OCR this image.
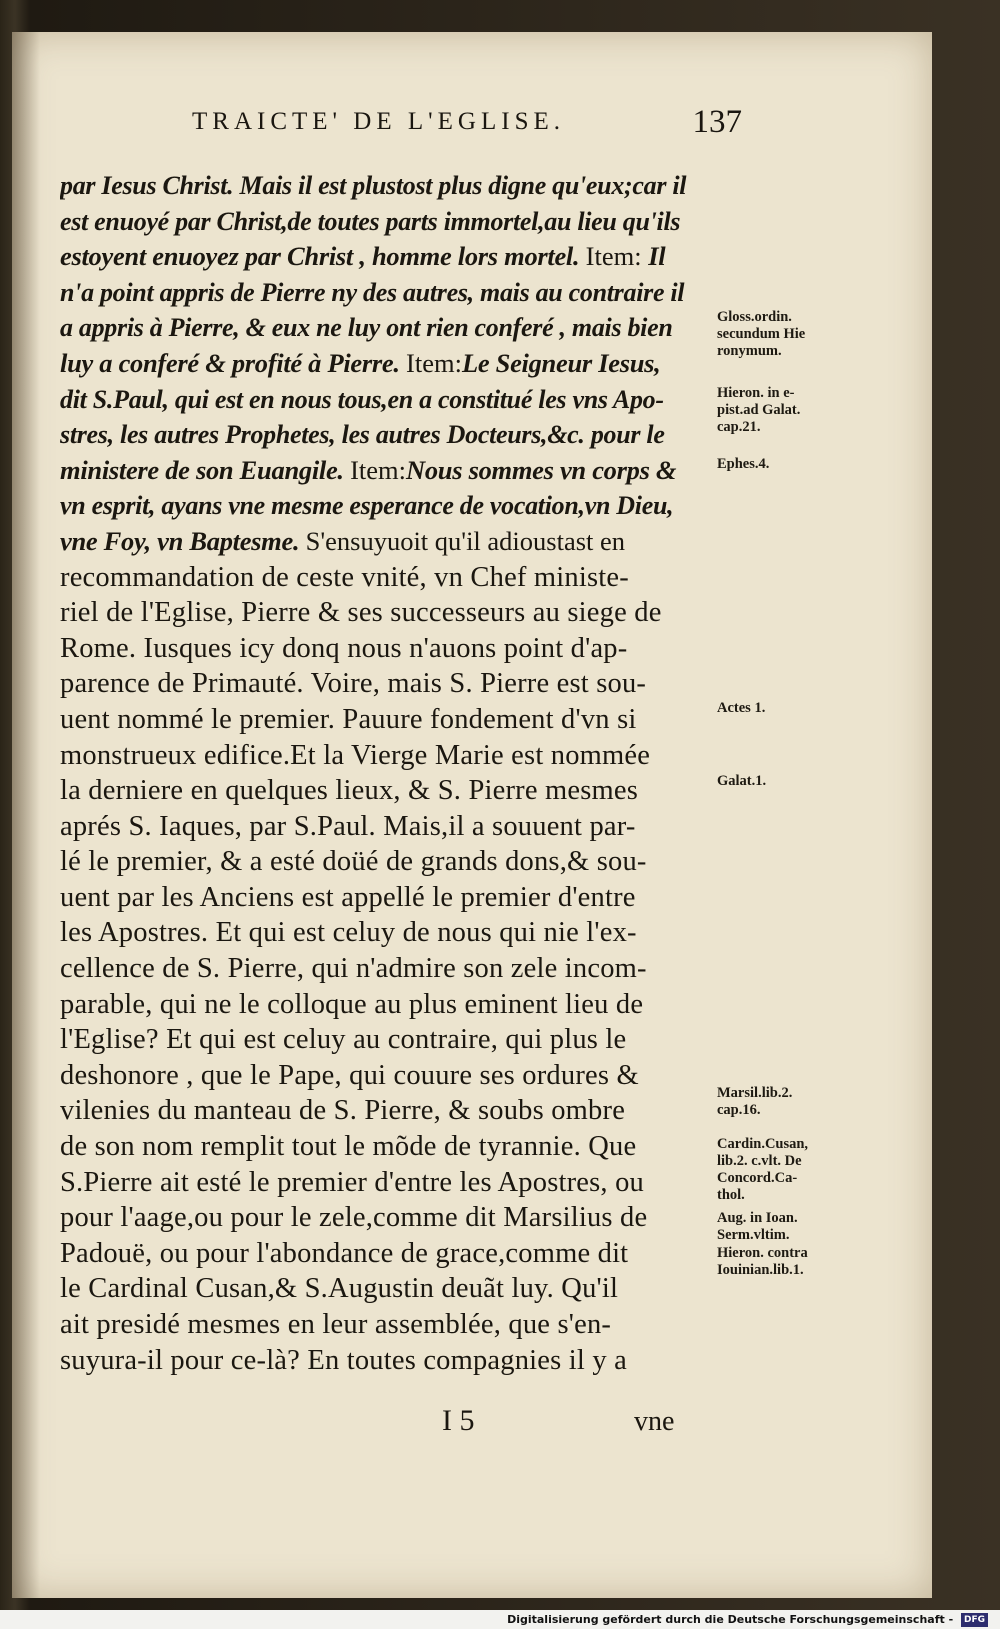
TRAICTE' DE L'EGLISE.	137
par Iesus Christ. Mais il est plustost plus digne qu'eux;car il
est enuoyé par Christ,de toutes parts immortel,au lieu qu'ils
estoyent enuoyez par Christ , homme lors mortel. Item: Il
n'a point appris de Pierre ny des autres, mais au contraire il
a appris à Pierre, & eux ne luy ont rien conferé , mais bien
luy a conferé & profité à Pierre. Item:Le Seigneur Iesus,
dit S.Paul, qui est en nous tous,en a constitué les vns Apo-
stres, les autres Prophetes, les autres Docteurs,&c. pour le
ministere de son Euangile. Item:Nous sommes vn corps &
vn esprit, ayans vne mesme esperance de vocation,vn Dieu,
vne Foy, vn Baptesme. S'ensuyuoit qu'il adioustast en
recommandation de ceste vnité, vn Chef ministe-
riel de l'Eglise, Pierre & ses successeurs au siege de
Rome. Iusques icy donq nous n'auons point d'ap-
parence de Primauté. Voire, mais S. Pierre est sou-
uent nommé le premier. Pauure fondement d'vn si
monstrueux edifice.Et la Vierge Marie est nommée
la derniere en quelques lieux, & S. Pierre mesmes
aprés S. Iaques, par S.Paul. Mais,il a souuent par-
lé le premier, & a esté doüé de grands dons,& sou-
uent par les Anciens est appellé le premier d'entre
les Apostres. Et qui est celuy de nous qui nie l'ex-
cellence de S. Pierre, qui n'admire son zele incom-
parable, qui ne le colloque au plus eminent lieu de
l'Eglise? Et qui est celuy au contraire, qui plus le
deshonore , que le Pape, qui couure ses ordures &
vilenies du manteau de S. Pierre, & soubs ombre
de son nom remplit tout le mõde de tyrannie. Que
S.Pierre ait esté le premier d'entre les Apostres, ou
pour l'aage,ou pour le zele,comme dit Marsilius de
Padouë, ou pour l'abondance de grace,comme dit
le Cardinal Cusan,& S.Augustin deuãt luy. Qu'il
ait presidé mesmes en leur assemblée, que s'en-
suyura-il pour ce-là? En toutes compagnies il y a
Gloss.ordin.
secundum Hie
ronymum.
Hieron. in e-
pist.ad Galat.
cap.21.
Ephes.4.
Actes 1.
Galat.1.
Marsil.lib.2.
cap.16.
Cardin.Cusan,
lib.2. c.vlt. De
Concord.Ca-
thol.
Aug. in Ioan.
Serm.vltim.
Hieron. contra
Iouinian.lib.1.
I 5	vne
Digitalisierung gefördert durch die Deutsche Forschungsgemeinschaft - DFG
